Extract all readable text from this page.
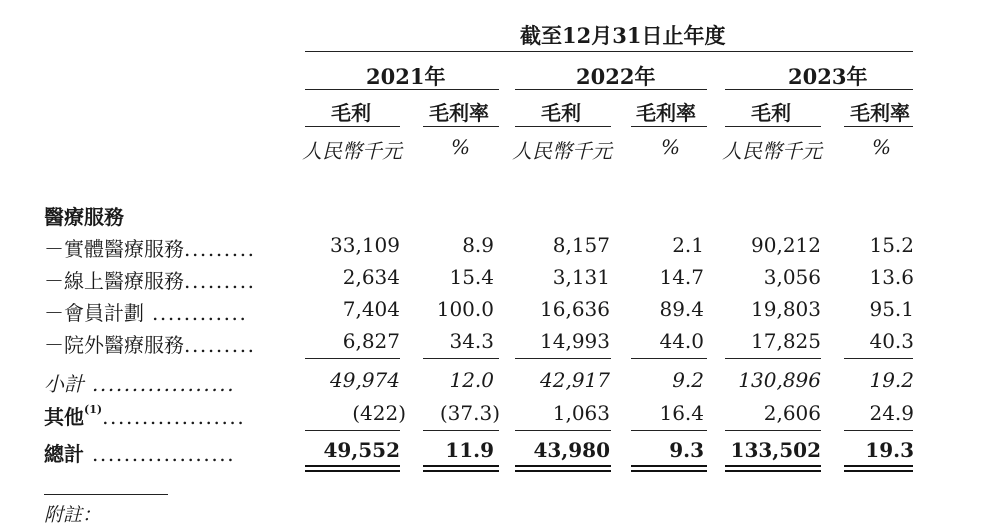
截至12月31日止年度
2021年	2022年	2023年
毛利	毛利率	毛利	毛利率	毛利	毛利率
人民幣千元 % 人民幣千元 % 人民幣千元	%
醫療服務
－實體醫療服務.........	33,109	8.9	8,157	2.1 90,212 15.2
－線上醫療服務.........	2,634 15.4	3,131 14.7	3,056 13.6
－會員計劃 ............	7,404 100.0 16,636 89.4 19,803 95.1
－院外醫療服務.........	6,827 34.3 14,993 44.0 17,825 40.3
小計 ..................	49,974 12.0 42,917	9.2 130,896 19.2
其他$^{(1)}$..................	(422) (37.3)	1,063 16.4	2,606 24.9
總計 ..................	49,552 11.9 43,980	9.3 133,502 19.3
附註：
